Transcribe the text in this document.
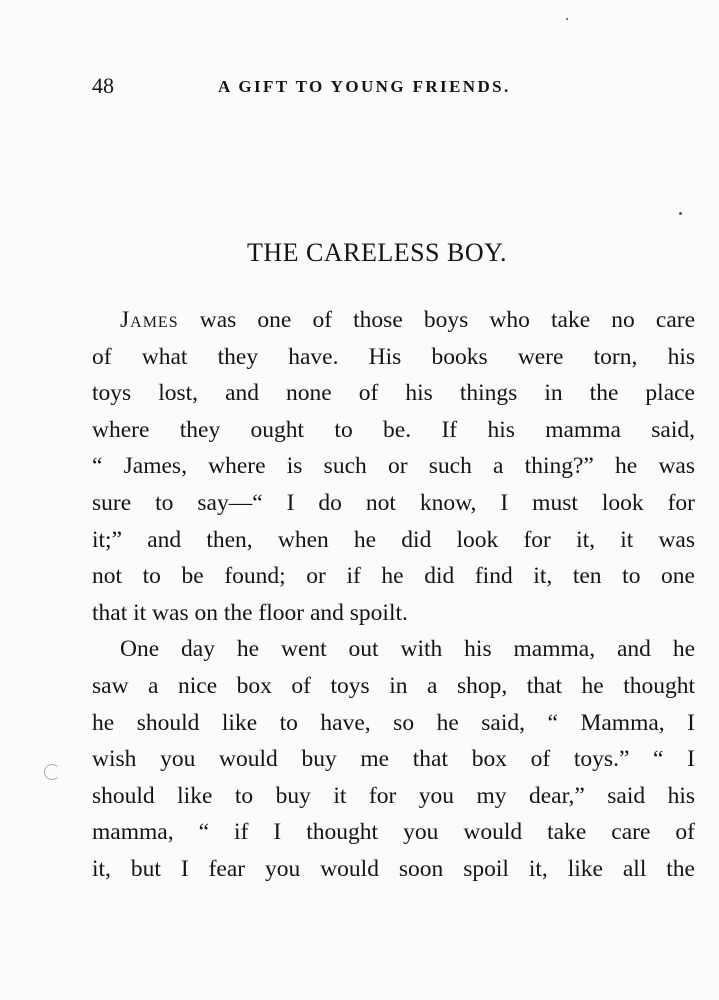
48	A GIFT TO YOUNG FRIENDS.
THE CARELESS BOY.

James was one of those boys who take no care
of what they have. His books were torn, his
toys lost, and none of his things in the place
where they ought to be. If his mamma said,
“ James, where is such or such a thing?” he was
sure to say—“ I do not know, I must look for
it;” and then, when he did look for it, it was
not to be found; or if he did find it, ten to one
that it was on the floor and spoilt.

One day he went out with his mamma, and he
saw a nice box of toys in a shop, that he thought
he should like to have, so he said, “ Mamma, I
wish you would buy me that box of toys.” “ I
should like to buy it for you my dear,” said his
mamma, “ if I thought you would take care of
it, but I fear you would soon spoil it, like all the
